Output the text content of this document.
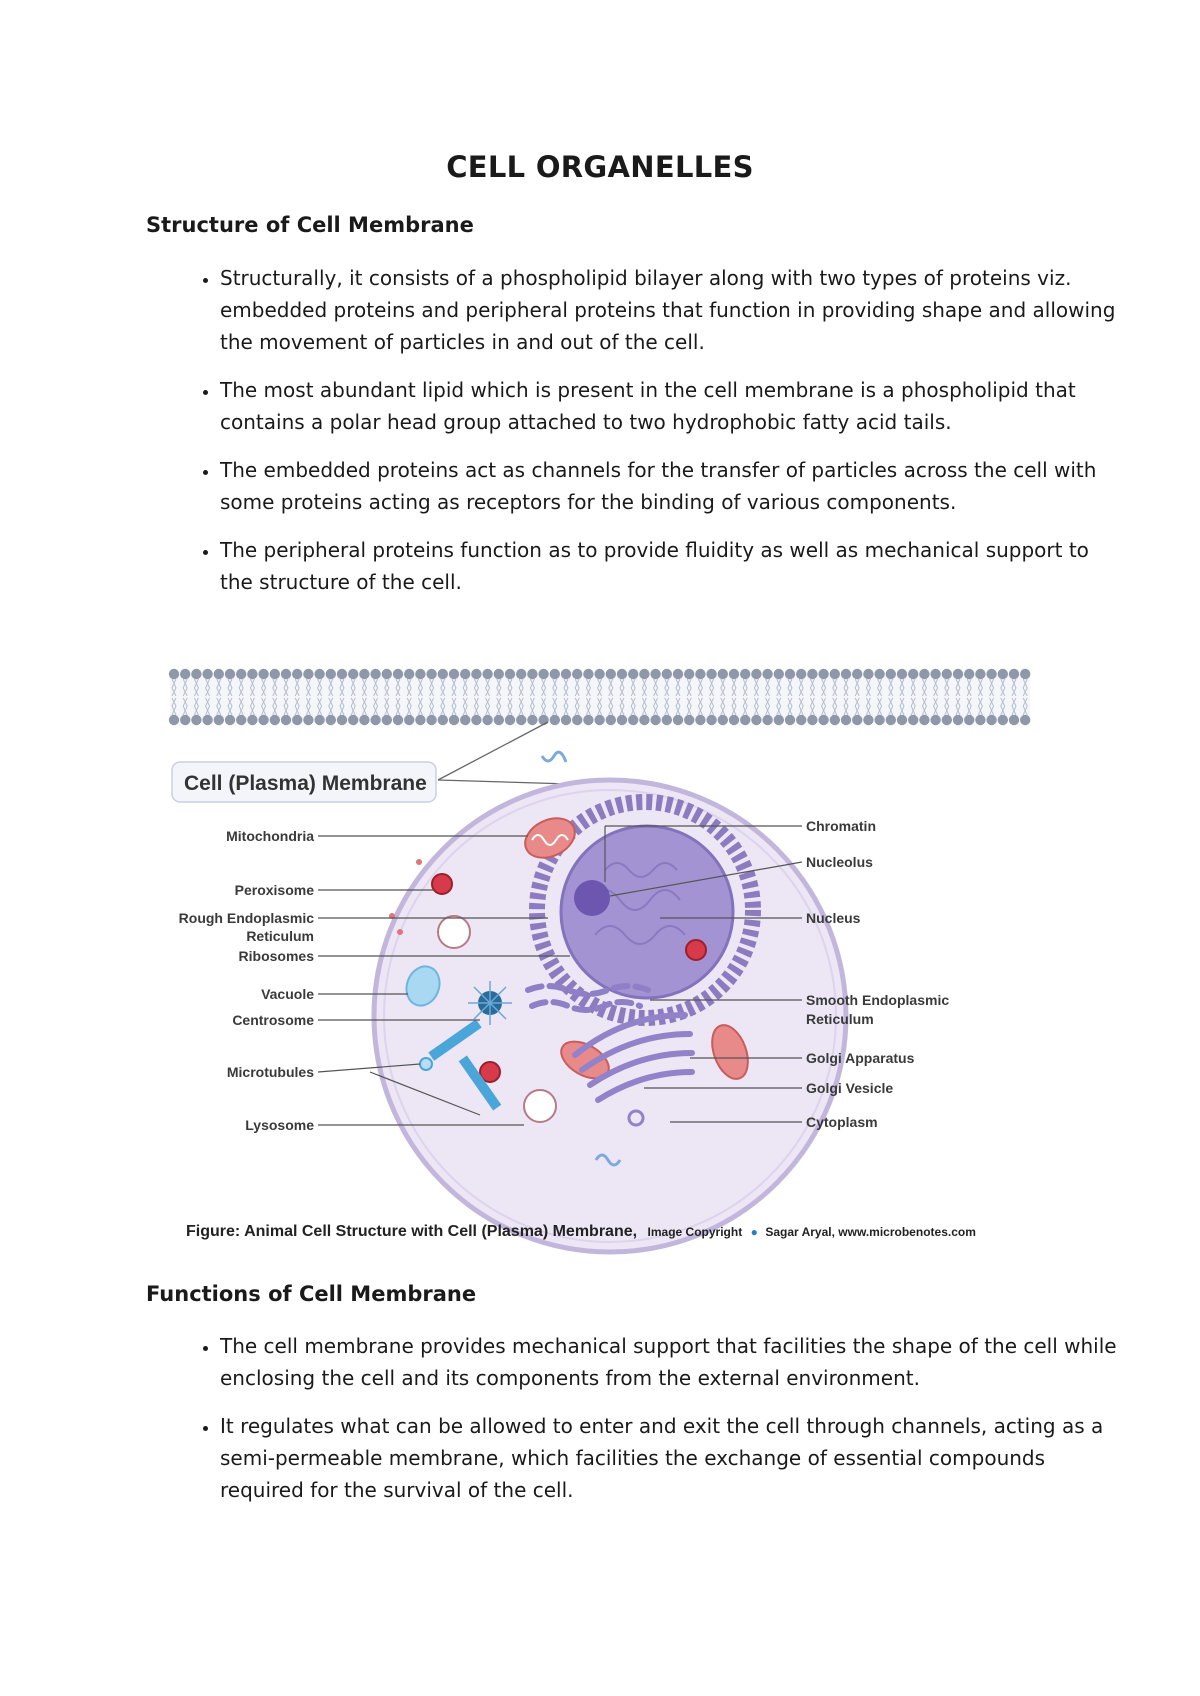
CELL ORGANELLES
Structure of Cell Membrane
• Structurally, it consists of a phospholipid bilayer along with two types of proteins viz. embedded proteins and peripheral proteins that function in providing shape and allowing the movement of particles in and out of the cell.
• The most abundant lipid which is present in the cell membrane is a phospholipid that contains a polar head group attached to two hydrophobic fatty acid tails.
• The embedded proteins act as channels for the transfer of particles across the cell with some proteins acting as receptors for the binding of various components.
• The peripheral proteins function as to provide fluidity as well as mechanical support to the structure of the cell.
Cell (Plasma) Membrane
Mitochondria
Peroxisome
Rough Endoplasmic
Reticulum
Ribosomes
Vacuole
Centrosome
Microtubules
Lysosome
Chromatin
Nucleolus
Nucleus
Smooth Endoplasmic
Reticulum
Golgi Apparatus
Golgi Vesicle
Cytoplasm
Figure: Animal Cell Structure with Cell (Plasma) Membrane, Image Copyright ● Sagar Aryal, www.microbenotes.com
Functions of Cell Membrane
• The cell membrane provides mechanical support that facilities the shape of the cell while enclosing the cell and its components from the external environment.
• It regulates what can be allowed to enter and exit the cell through channels, acting as a semi-permeable membrane, which facilities the exchange of essential compounds required for the survival of the cell.
